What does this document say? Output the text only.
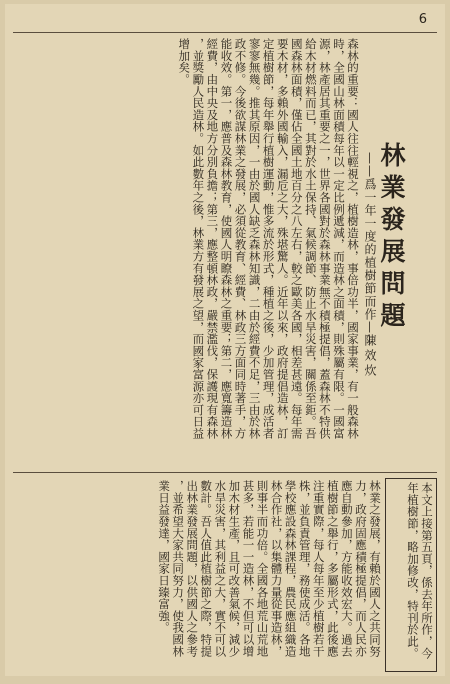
6
林業發展問題
——爲一年一度的植樹節而作——
陳效炊
森林的重要：國人往往輕視之，植樹造林，事倍功半，國家事業，有一般森林
時，全國山林面積每年以一定比例遞減，而造林之面積，則殊屬有限。一國富
源，林產居其重要之一，世界各國對於森林事業無不積極提倡，蓋森林不特供
給木材燃料而已，其對於水土保持、氣候調節、防止水旱災害，關係至鉅。吾
國森林面積，僅佔全國土地百分之八左右，較之歐美各國，相差甚遠。每年需
要木材，多賴外國輸入，漏卮之大，殊堪驚人。近年以來，政府提倡造林，訂
定植樹節，每年舉行植樹運動，惟多流於形式，種植之後，少加管理，成活者
寥寥無幾。推其原因，一由於國人缺乏森林知識，二由於經費不足，三由於林
政不修。今後欲謀林業之發展，必須從教育、經費、林政三方面同時著手，方
能收效。第一，應普及森林教育，使國人明瞭森林之重要；第二，應寬籌造林
經費，由中央及地方分別負擔；第三，應整頓林政，嚴禁濫伐，保護現有森林
，並獎勵人民造林。如此數年之後，林業方有發展之望，而國家富源亦可日益
增加矣。
本文上接第五頁，係去年所作，今
年植樹節，略加修改，特刊於此。
林業之發展，有賴於國人之共同努
力，政府固應積極提倡，而人民亦
應自動參加，方能收效宏大。過去
植樹節之舉行，多屬形式，此後應
注重實際，每人每年至少植樹若干
株，並負責管理，務使成活。各地
學校應設森林課程，農民應組織造
林合作社，以集體力量從事造林，
則事半而功倍。全國各地荒山荒地
甚多，若能一一造林，不但可以增
加木材生產，且可改善氣候，減少
水旱災害，其利益之大，實不可以
數計。吾人值此植樹節之際，特提
出林業發展問題，以供國人之參考
，並希望大家共同努力，使我國林
業日益發達，國家日臻富強。
